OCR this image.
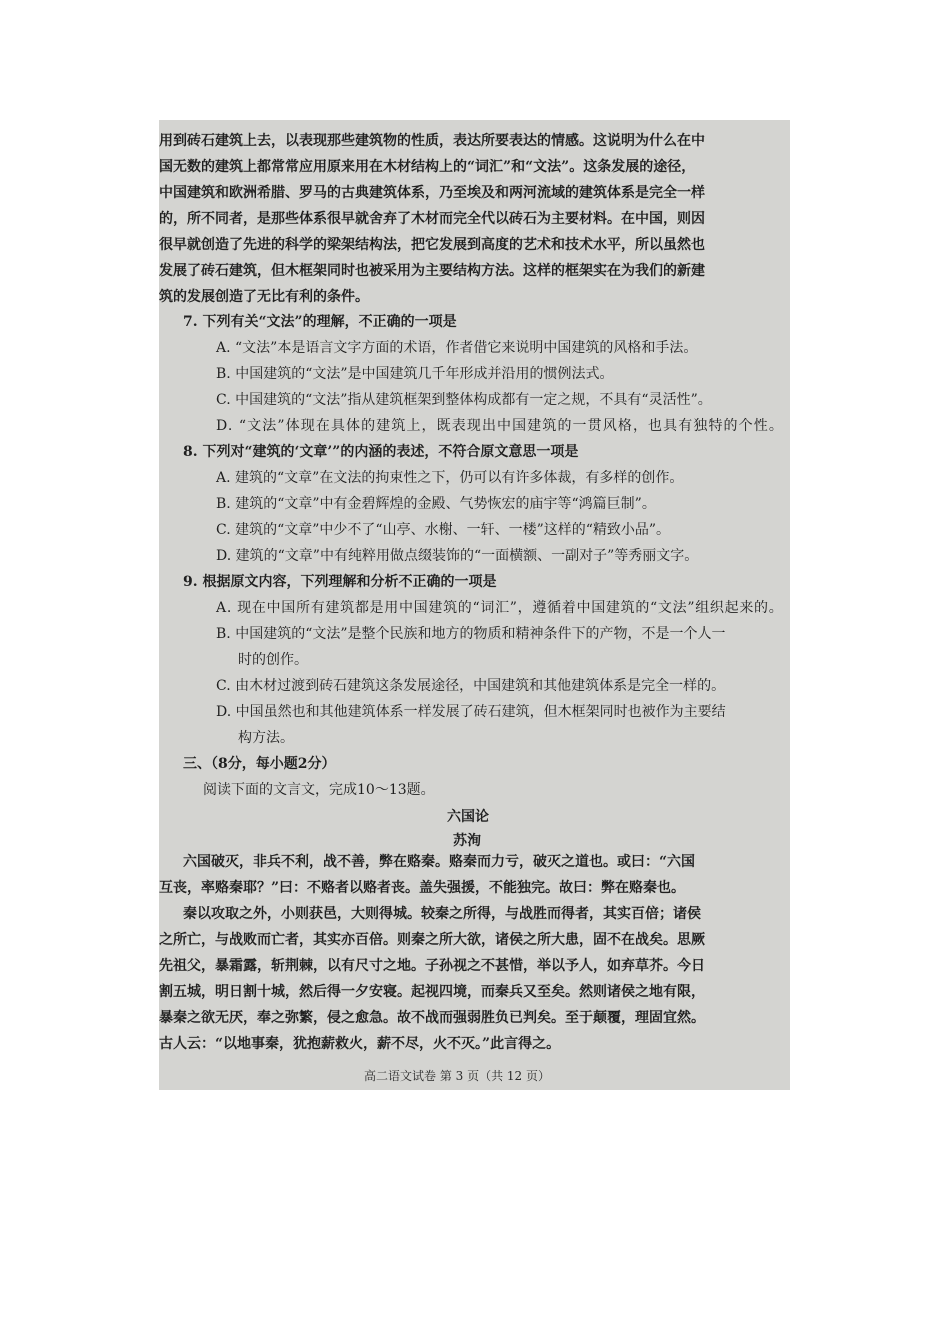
用到砖石建筑上去，以表现那些建筑物的性质，表达所要表达的情感。这说明为什么在中
国无数的建筑上都常常应用原来用在木材结构上的“词汇”和“文法”。这条发展的途径，
中国建筑和欧洲希腊、罗马的古典建筑体系，乃至埃及和两河流域的建筑体系是完全一样
的，所不同者，是那些体系很早就舍弃了木材而完全代以砖石为主要材料。在中国，则因
很早就创造了先进的科学的梁架结构法，把它发展到高度的艺术和技术水平，所以虽然也
发展了砖石建筑，但木框架同时也被采用为主要结构方法。这样的框架实在为我们的新建
筑的发展创造了无比有利的条件。
7. 下列有关“文法”的理解，不正确的一项是
A. “文法”本是语言文字方面的术语，作者借它来说明中国建筑的风格和手法。
B. 中国建筑的“文法”是中国建筑几千年形成并沿用的惯例法式。
C. 中国建筑的“文法”指从建筑框架到整体构成都有一定之规，不具有“灵活性”。
D. “文法”体现在具体的建筑上，既表现出中国建筑的一贯风格，也具有独特的个性。
8. 下列对“建筑的‘文章’”的内涵的表述，不符合原文意思一项是
A. 建筑的“文章”在文法的拘束性之下，仍可以有许多体裁，有多样的创作。
B. 建筑的“文章”中有金碧辉煌的金殿、气势恢宏的庙宇等“鸿篇巨制”。
C. 建筑的“文章”中少不了“山亭、水榭、一轩、一楼”这样的“精致小品”。
D. 建筑的“文章”中有纯粹用做点缀装饰的“一面横额、一副对子”等秀丽文字。
9. 根据原文内容，下列理解和分析不正确的一项是
A. 现在中国所有建筑都是用中国建筑的“词汇”，遵循着中国建筑的“文法”组织起来的。
B. 中国建筑的“文法”是整个民族和地方的物质和精神条件下的产物，不是一个人一
时的创作。
C. 由木材过渡到砖石建筑这条发展途径，中国建筑和其他建筑体系是完全一样的。
D. 中国虽然也和其他建筑体系一样发展了砖石建筑，但木框架同时也被作为主要结
构方法。
三、（8分，每小题2分）
阅读下面的文言文，完成10～13题。
六国论
苏洵
六国破灭，非兵不利，战不善，弊在赂秦。赂秦而力亏，破灭之道也。或曰：“六国
互丧，率赂秦耶？”曰：不赂者以赂者丧。盖失强援，不能独完。故曰：弊在赂秦也。
秦以攻取之外，小则获邑，大则得城。较秦之所得，与战胜而得者，其实百倍；诸侯
之所亡，与战败而亡者，其实亦百倍。则秦之所大欲，诸侯之所大患，固不在战矣。思厥
先祖父，暴霜露，斩荆棘，以有尺寸之地。子孙视之不甚惜，举以予人，如弃草芥。今日
割五城，明日割十城，然后得一夕安寝。起视四境，而秦兵又至矣。然则诸侯之地有限，
暴秦之欲无厌，奉之弥繁，侵之愈急。故不战而强弱胜负已判矣。至于颠覆，理固宜然。
古人云：“以地事秦，犹抱薪救火，薪不尽，火不灭。”此言得之。
高二语文试卷 第 3 页（共 12 页）
